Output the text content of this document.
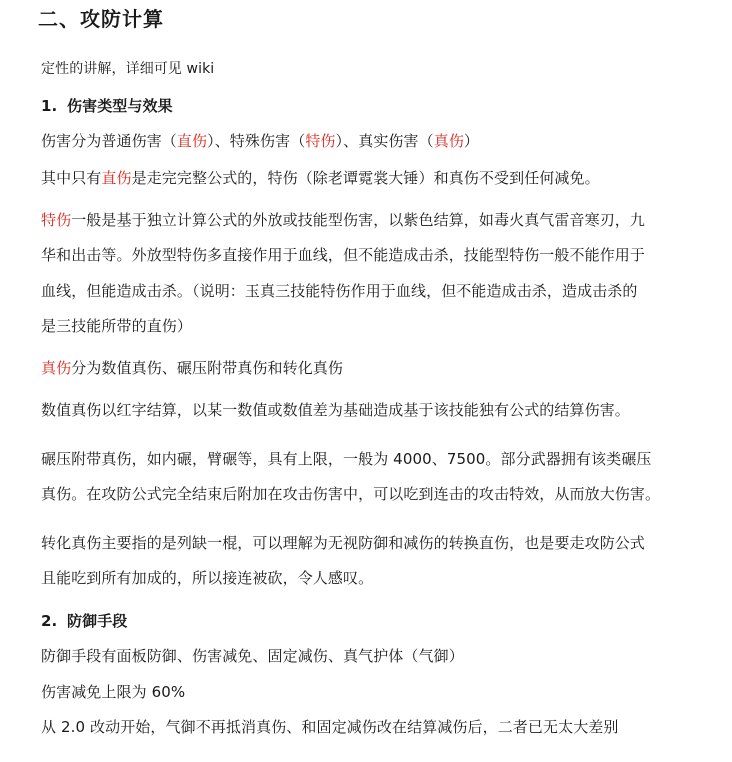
二、攻防计算
定性的讲解，详细可见 wiki
1. 伤害类型与效果
伤害分为普通伤害（直伤）、特殊伤害（特伤）、真实伤害（真伤）
其中只有直伤是走完完整公式的，特伤（除老谭霓裳大锤）和真伤不受到任何减免。
特伤一般是基于独立计算公式的外放或技能型伤害，以紫色结算，如毒火真气雷音寒刃，九
华和出击等。外放型特伤多直接作用于血线，但不能造成击杀，技能型特伤一般不能作用于
血线，但能造成击杀。（说明：玉真三技能特伤作用于血线，但不能造成击杀，造成击杀的
是三技能所带的直伤）
真伤分为数值真伤、碾压附带真伤和转化真伤
数值真伤以红字结算，以某一数值或数值差为基础造成基于该技能独有公式的结算伤害。
碾压附带真伤，如内碾，臂碾等，具有上限，一般为 4000、7500。部分武器拥有该类碾压
真伤。在攻防公式完全结束后附加在攻击伤害中，可以吃到连击的攻击特效，从而放大伤害。
转化真伤主要指的是列缺一棍，可以理解为无视防御和减伤的转换直伤，也是要走攻防公式
且能吃到所有加成的，所以接连被砍，令人感叹。
2. 防御手段
防御手段有面板防御、伤害减免、固定减伤、真气护体（气御）
伤害减免上限为 60%
从 2.0 改动开始，气御不再抵消真伤、和固定减伤改在结算减伤后，二者已无太大差别
